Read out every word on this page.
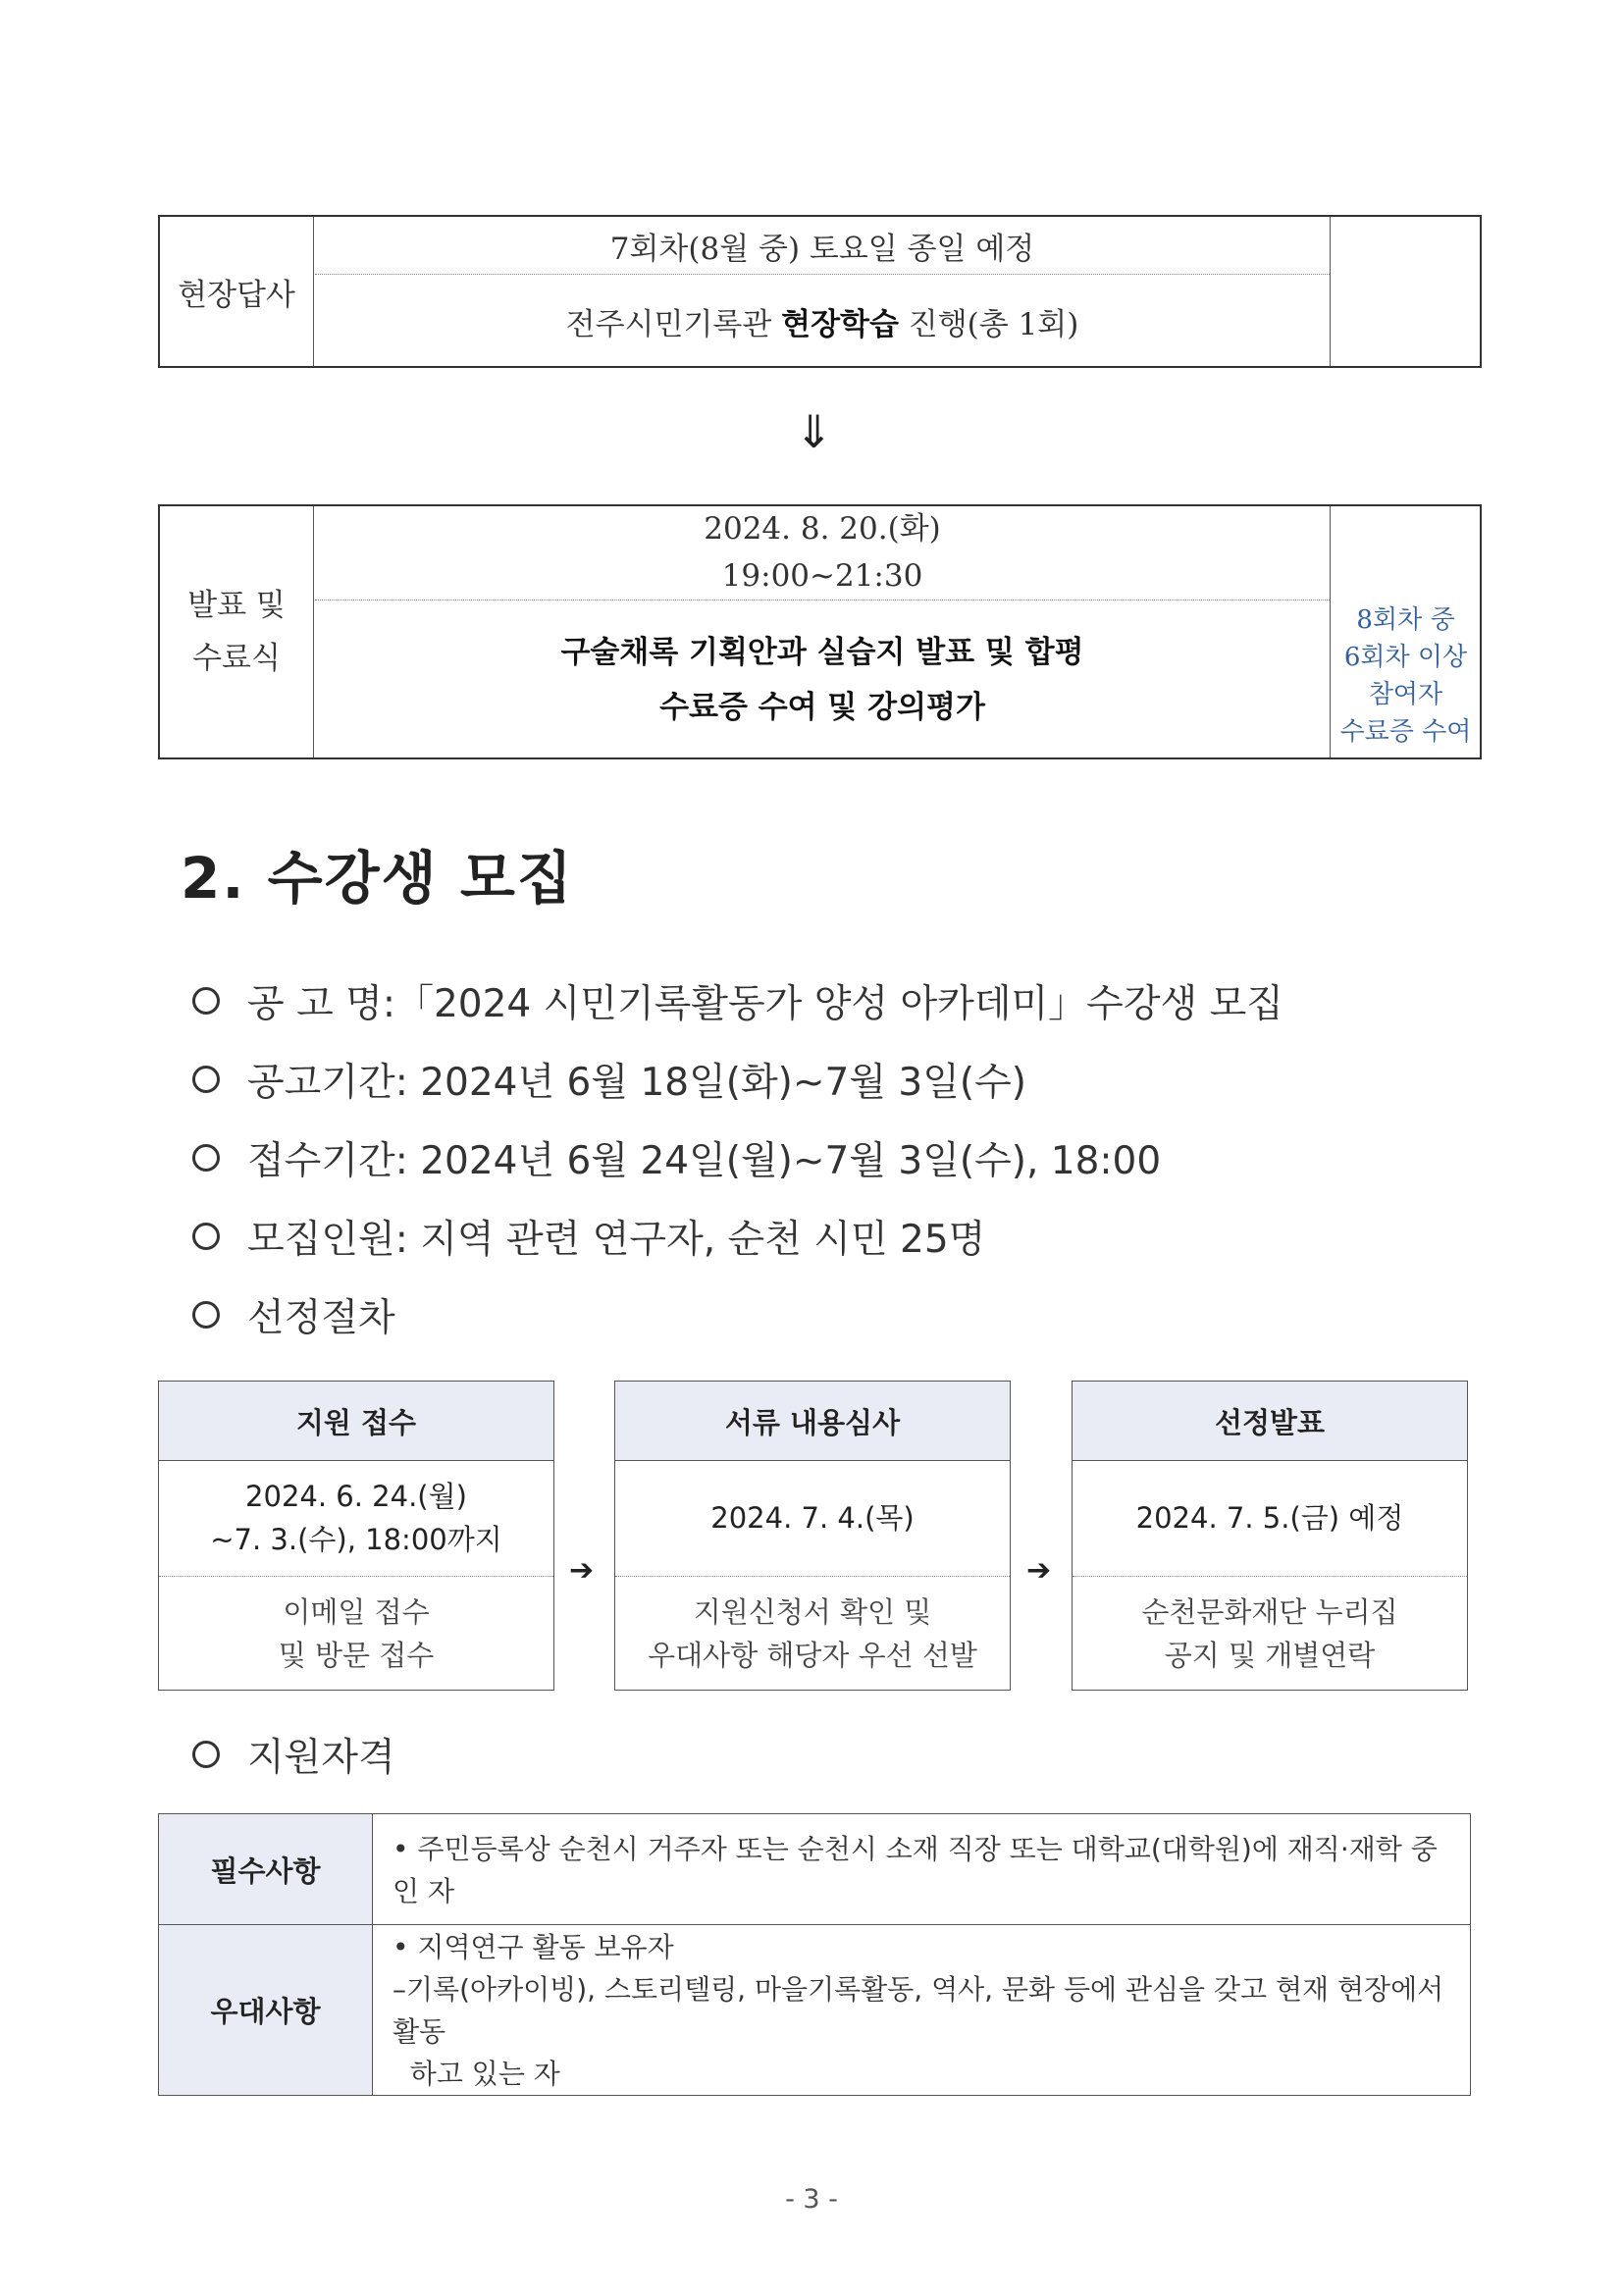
현장답사
7회차(8월 중) 토요일 종일 예정
전주시민기록관 현장학습 진행(총 1회)
⇓
발표 및
수료식
2024. 8. 20.(화)
19:00~21:30
구술채록 기획안과 실습지 발표 및 합평
수료증 수여 및 강의평가
8회차 중
6회차 이상
참여자
수료증 수여
2. 수강생 모집
공 고 명:「2024 시민기록활동가 양성 아카데미」수강생 모집
공고기간: 2024년 6월 18일(화)~7월 3일(수)
접수기간: 2024년 6월 24일(월)~7월 3일(수), 18:00
모집인원: 지역 관련 연구자, 순천 시민 25명
선정절차
지원 접수
2024. 6. 24.(월)
~7. 3.(수), 18:00까지
이메일 접수
및 방문 접수
➔
서류 내용심사
2024. 7. 4.(목)
지원신청서 확인 및
우대사항 해당자 우선 선발
➔
선정발표
2024. 7. 5.(금) 예정
순천문화재단 누리집
공지 및 개별연락
지원자격
필수사항
• 주민등록상 순천시 거주자 또는 순천시 소재 직장 또는 대학교(대학원)에 재직·재학 중인 자
우대사항
• 지역연구 활동 보유자
–기록(아카이빙), 스토리텔링, 마을기록활동, 역사, 문화 등에 관심을 갖고 현재 현장에서 활동
하고 있는 자
- 3 -
